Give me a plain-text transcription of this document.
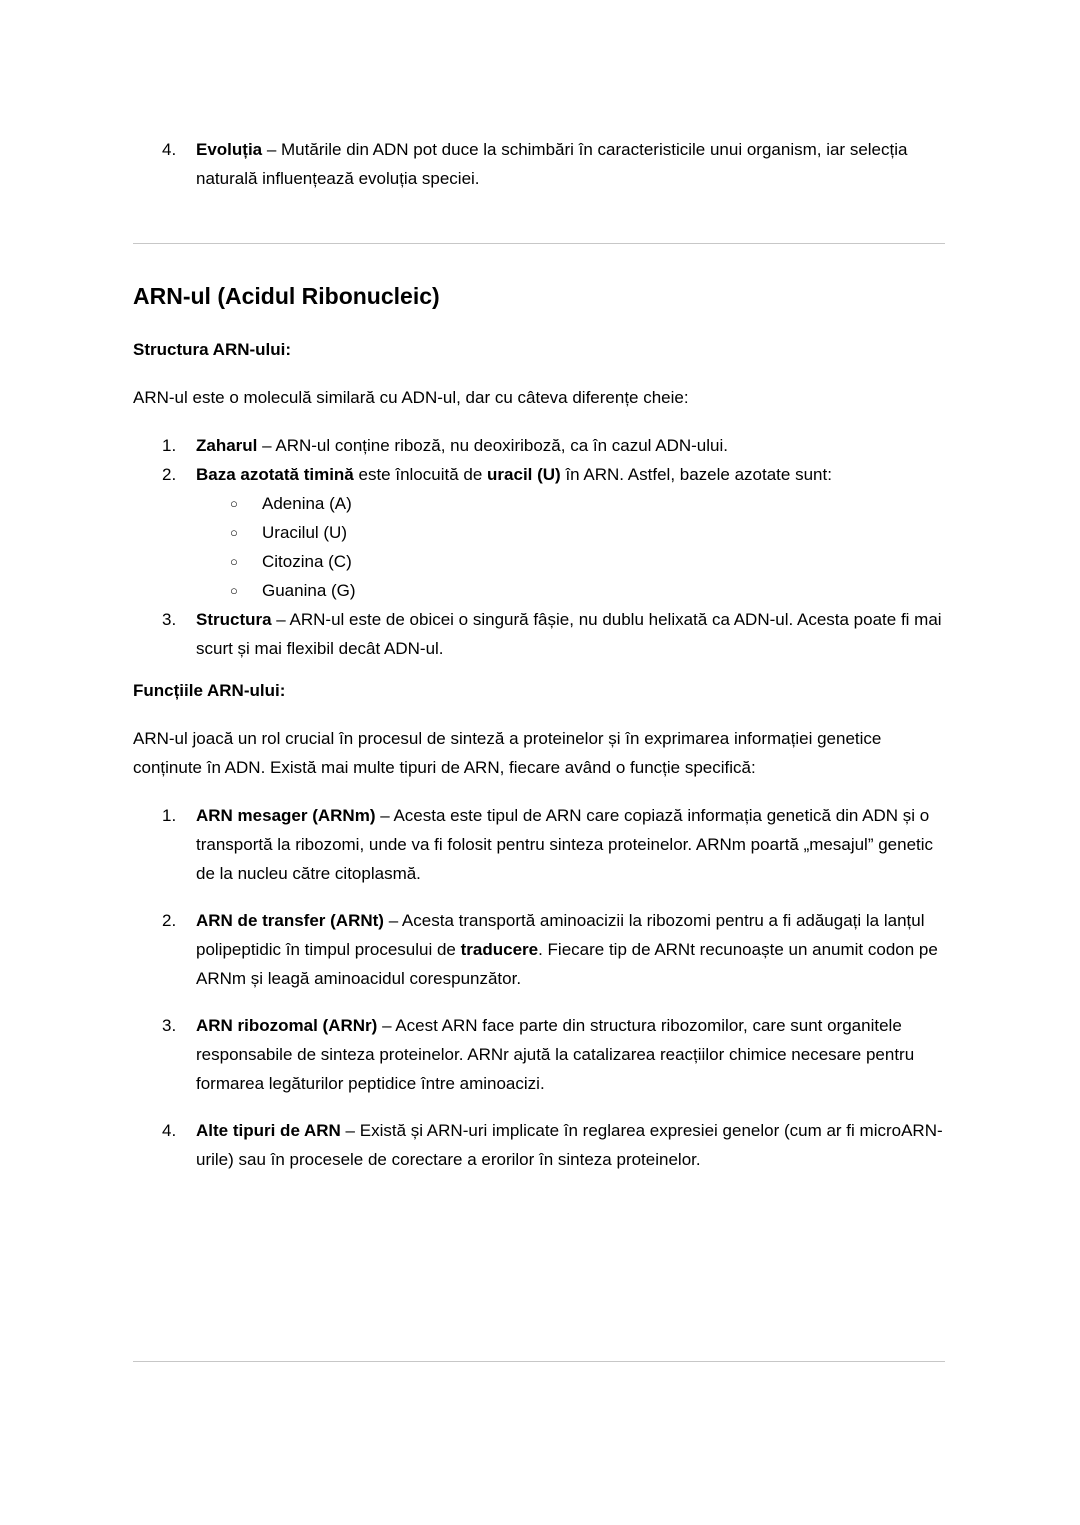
4.	Evoluția – Mutările din ADN pot duce la schimbări în caracteristicile unui organism, iar selecția naturală influențează evoluția speciei.
ARN-ul (Acidul Ribonucleic)
Structura ARN-ului:

ARN-ul este o moleculă similară cu ADN-ul, dar cu câteva diferențe cheie:

1.	Zaharul – ARN-ul conține riboză, nu deoxiriboză, ca în cazul ADN-ului.
2.	Baza azotată timină este înlocuită de uracil (U) în ARN. Astfel, bazele azotate sunt:
○	Adenina (A)
○	Uracilul (U)
○	Citozina (C)
○	Guanina (G)
3.	Structura – ARN-ul este de obicei o singură fâșie, nu dublu helixată ca ADN-ul. Acesta poate fi mai scurt și mai flexibil decât ADN-ul.
Funcțiile ARN-ului:

ARN-ul joacă un rol crucial în procesul de sinteză a proteinelor și în exprimarea informației genetice conținute în ADN. Există mai multe tipuri de ARN, fiecare având o funcție specifică:

1.	ARN mesager (ARNm) – Acesta este tipul de ARN care copiază informația genetică din ADN și o transportă la ribozomi, unde va fi folosit pentru sinteza proteinelor. ARNm poartă „mesajul” genetic de la nucleu către citoplasmă.
2.	ARN de transfer (ARNt) – Acesta transportă aminoacizii la ribozomi pentru a fi adăugați la lanțul polipeptidic în timpul procesului de traducere. Fiecare tip de ARNt recunoaște un anumit codon pe ARNm și leagă aminoacidul corespunzător.
3.	ARN ribozomal (ARNr) – Acest ARN face parte din structura ribozomilor, care sunt organitele responsabile de sinteza proteinelor. ARNr ajută la catalizarea reacțiilor chimice necesare pentru formarea legăturilor peptidice între aminoacizi.
4.	Alte tipuri de ARN – Există și ARN-uri implicate în reglarea expresiei genelor (cum ar fi microARN-urile) sau în procesele de corectare a erorilor în sinteza proteinelor.
